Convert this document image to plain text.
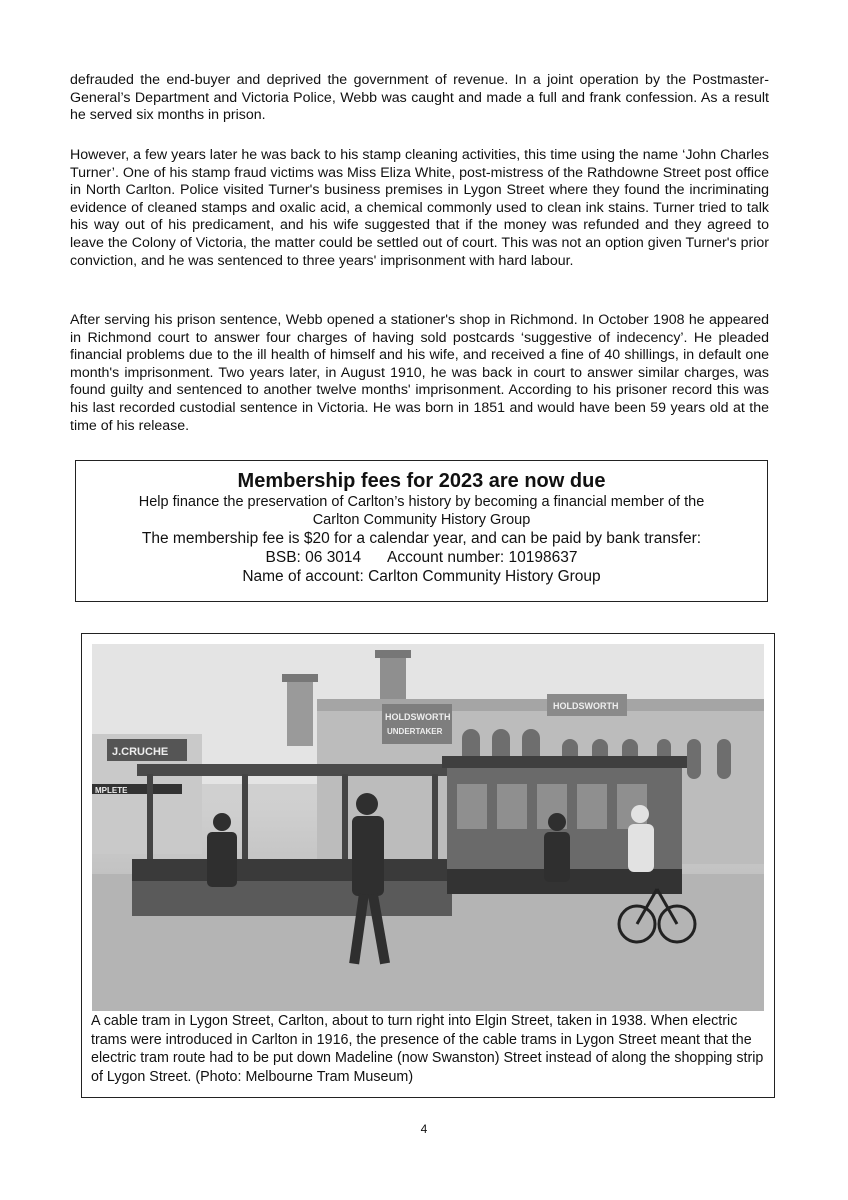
defrauded the end-buyer and deprived the government of revenue. In a joint operation by the Postmaster-General’s Department and Victoria Police, Webb was caught and made a full and frank confession. As a result he served six months in prison.

However, a few years later he was back to his stamp cleaning activities, this time using the name ‘John Charles Turner’. One of his stamp fraud victims was Miss Eliza White, post-mistress of the Rathdowne Street post office in North Carlton. Police visited Turner's business premises in Lygon Street where they found the incriminating evidence of cleaned stamps and oxalic acid, a chemical commonly used to clean ink stains. Turner tried to talk his way out of his predicament, and his wife suggested that if the money was refunded and they agreed to leave the Colony of Victoria, the matter could be settled out of court. This was not an option given Turner's prior conviction, and he was sentenced to three years' imprisonment with hard labour.

After serving his prison sentence, Webb opened a stationer's shop in Richmond. In October 1908 he appeared in Richmond court to answer four charges of having sold postcards ‘suggestive of indecency’. He pleaded financial problems due to the ill health of himself and his wife, and received a fine of 40 shillings, in default one month's imprisonment. Two years later, in August 1910, he was back in court to answer similar charges, was found guilty and sentenced to another twelve months' imprisonment. According to his prisoner record this was his last recorded custodial sentence in Victoria. He was born in 1851 and would have been 59 years old at the time of his release.

Membership fees for 2023 are now due
Help finance the preservation of Carlton’s history by becoming a financial member of the
Carlton Community History Group
The membership fee is $20 for a calendar year, and can be paid by bank transfer:
BSB: 06 3014 Account number: 10198637
Name of account: Carlton Community History Group
HOLDSWORTH
UNDERTAKER
HOLDSWORTH
J.CRUCHE
MPLETE

A cable tram in Lygon Street, Carlton, about to turn right into Elgin Street, taken in 1938. When electric trams were introduced in Carlton in 1916, the presence of the cable trams in Lygon Street meant that the electric tram route had to be put down Madeline (now Swanston) Street instead of along the shopping strip of Lygon Street. (Photo: Melbourne Tram Museum)

4
